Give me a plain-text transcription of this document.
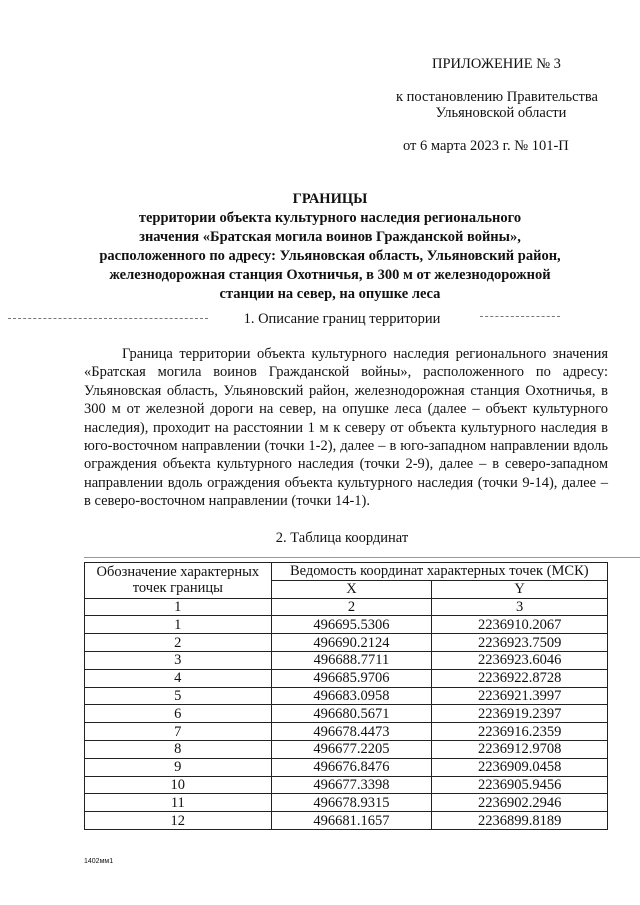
ПРИЛОЖЕНИЕ № 3
к постановлению Правительства
Ульяновской области
от 6 марта 2023 г. № 101-П
ГРАНИЦЫ
территории объекта культурного наследия регионального
значения «Братская могила воинов Гражданской войны»,
расположенного по адресу: Ульяновская область, Ульяновский район,
железнодорожная станция Охотничья, в 300 м от железнодорожной
станции на север, на опушке леса
1. Описание границ территории
Граница территории объекта культурного наследия регионального значения «Братская могила воинов Гражданской войны», расположенного по адресу: Ульяновская область, Ульяновский район, железнодорожная станция Охотничья, в 300 м от железной дороги на север, на опушке леса (далее – объект культурного наследия), проходит на расстоянии 1 м к северу от объекта культурного наследия в юго-восточном направлении (точки 1-2), далее – в юго-западном направлении вдоль ограждения объекта культурного наследия (точки 2-9), далее – в северо-западном направлении вдоль ограждения объекта культурного наследия (точки 9-14), далее – в северо-восточном направлении (точки 14-1).
2. Таблица координат
Обозначение характерных точек границы	Ведомость координат характерных точек (МСК)	
	X	Y
1	2	3
1	496695.5306	2236910.2067
2	496690.2124	2236923.7509
3	496688.7711	2236923.6046
4	496685.9706	2236922.8728
5	496683.0958	2236921.3997
6	496680.5671	2236919.2397
7	496678.4473	2236916.2359
8	496677.2205	2236912.9708
9	496676.8476	2236909.0458
10	496677.3398	2236905.9456
11	496678.9315	2236902.2946
12	496681.1657	2236899.8189
1402мм1
